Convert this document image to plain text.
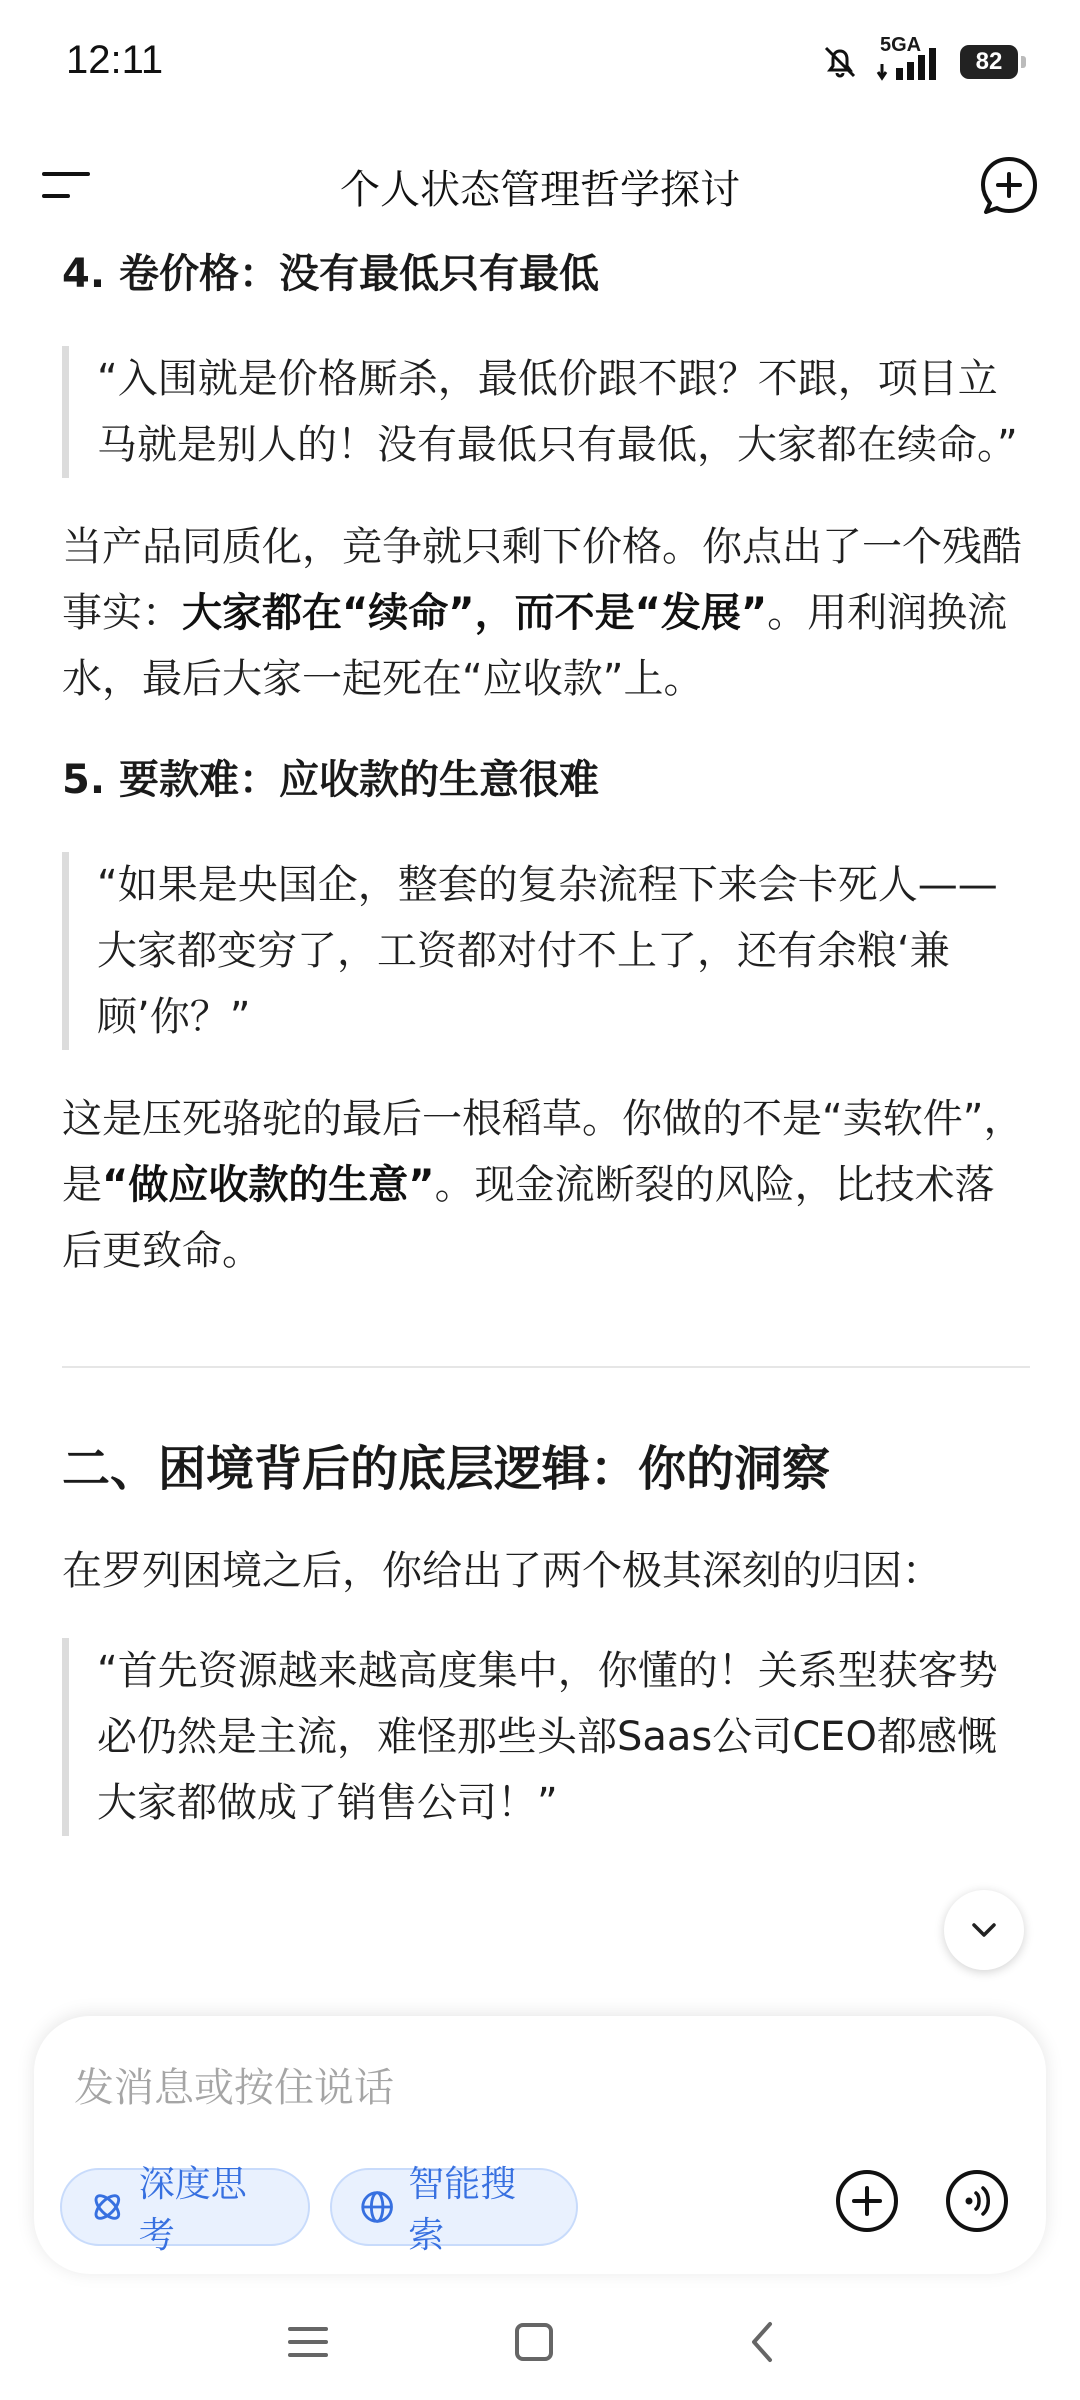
12:11	5GA
82
个人状态管理哲学探讨
4. 卷价格：没有最低只有最低
“入围就是价格厮杀，最低价跟不跟？不跟，项目立马就是别人的！没有最低只有最低，大家都在续命。”

当产品同质化，竞争就只剩下价格。你点出了一个残酷事实：大家都在“续命”，而不是“发展”。用利润换流水，最后大家一起死在“应收款”上。

5. 要款难：应收款的生意很难
“如果是央国企，整套的复杂流程下来会卡死人——大家都变穷了，工资都对付不上了，还有余粮‘兼顾’你？”

这是压死骆驼的最后一根稻草。你做的不是“卖软件”，是“做应收款的生意”。现金流断裂的风险，比技术落后更致命。

二、困境背后的底层逻辑：你的洞察

在罗列困境之后，你给出了两个极其深刻的归因：

“首先资源越来越高度集中，你懂的！关系型获客势必仍然是主流，难怪那些头部Saas公司CEO都感慨大家都做成了销售公司！”
发消息或按住说话
深度思考
智能搜索
